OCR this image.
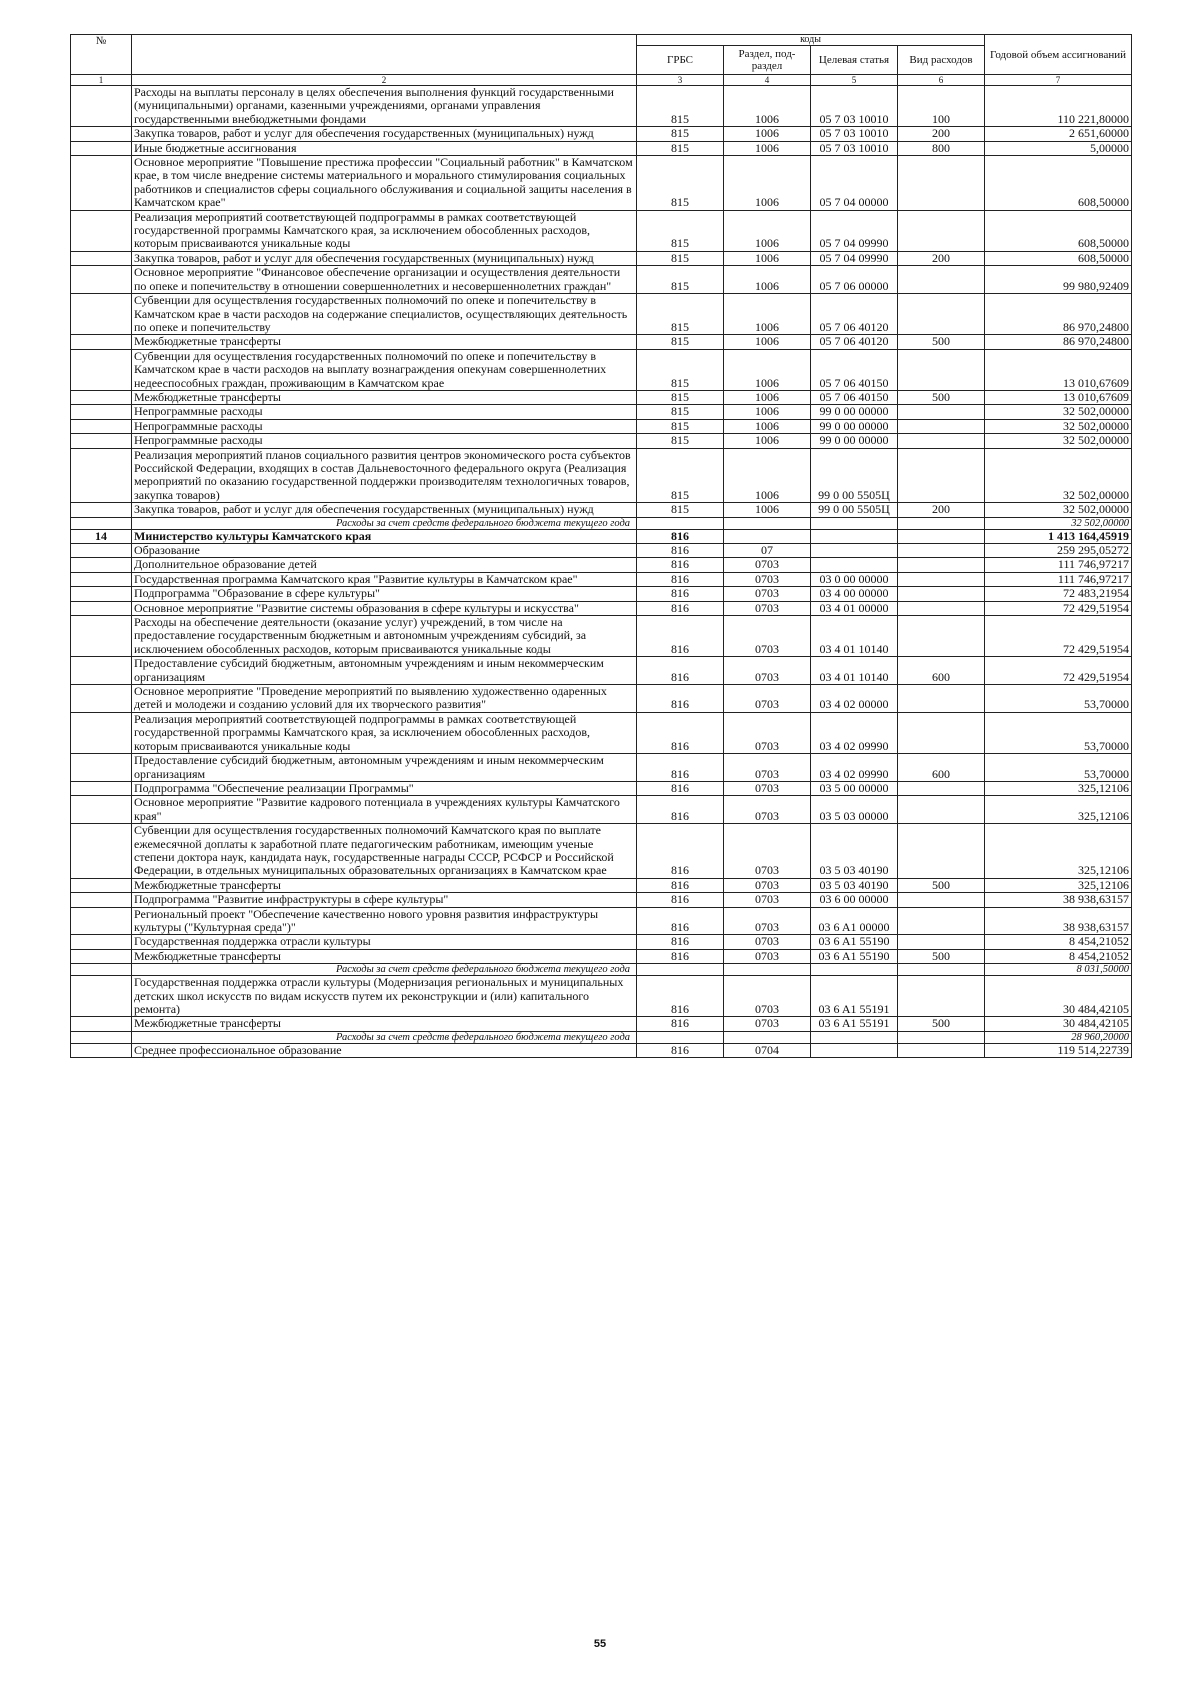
№		коды				Годовой объем ассигнований
		ГРБС	Раздел, под-раздел	Целевая статья	Вид расходов	
1	2	3	4	5	6	7
	Расходы на выплаты персоналу в целях обеспечения выполнения функций государственными (муниципальными) органами, казенными учреждениями, органами управления государственными внебюджетными фондами	815	1006	05 7 03 10010	100	110 221,80000
	Закупка товаров, работ и услуг для обеспечения государственных (муниципальных) нужд	815	1006	05 7 03 10010	200	2 651,60000
	Иные бюджетные ассигнования	815	1006	05 7 03 10010	800	5,00000
	Основное мероприятие "Повышение престижа профессии "Социальный работник" в Камчатском крае, в том числе внедрение системы материального и морального стимулирования социальных работников и специалистов сферы социального обслуживания и социальной защиты населения в Камчатском крае"	815	1006	05 7 04 00000		608,50000
	Реализация мероприятий соответствующей подпрограммы в рамках соответствующей государственной программы Камчатского края, за исключением обособленных расходов, которым присваиваются уникальные коды	815	1006	05 7 04 09990		608,50000
	Закупка товаров, работ и услуг для обеспечения государственных (муниципальных) нужд	815	1006	05 7 04 09990	200	608,50000
	Основное мероприятие "Финансовое обеспечение организации и осуществления деятельности по опеке и попечительству в отношении совершеннолетних и несовершеннолетних граждан"	815	1006	05 7 06 00000		99 980,92409
	Субвенции для осуществления государственных полномочий по опеке и попечительству в Камчатском крае в части расходов на содержание специалистов, осуществляющих деятельность по опеке и попечительству	815	1006	05 7 06 40120		86 970,24800
	Межбюджетные трансферты	815	1006	05 7 06 40120	500	86 970,24800
	Субвенции для осуществления государственных полномочий по опеке и попечительству в Камчатском крае в части расходов на выплату вознаграждения опекунам совершеннолетних недееспособных граждан, проживающим в Камчатском крае	815	1006	05 7 06 40150		13 010,67609
	Межбюджетные трансферты	815	1006	05 7 06 40150	500	13 010,67609
	Непрограммные расходы	815	1006	99 0 00 00000		32 502,00000
	Непрограммные расходы	815	1006	99 0 00 00000		32 502,00000
	Непрограммные расходы	815	1006	99 0 00 00000		32 502,00000
	Реализация мероприятий планов социального развития центров экономического роста субъектов Российской Федерации, входящих в состав Дальневосточного федерального округа (Реализация мероприятий по оказанию государственной поддержки производителям технологичных товаров, закупка товаров)	815	1006	99 0 00 5505Ц		32 502,00000
	Закупка товаров, работ и услуг для обеспечения государственных (муниципальных) нужд	815	1006	99 0 00 5505Ц	200	32 502,00000
	Расходы за счет средств федерального бюджета текущего года					32 502,00000
14	Министерство культуры Камчатского края	816				1 413 164,45919
	Образование	816	07			259 295,05272
	Дополнительное образование детей	816	0703			111 746,97217
	Государственная программа Камчатского края "Развитие культуры в Камчатском крае"	816	0703	03 0 00 00000		111 746,97217
	Подпрограмма "Образование в сфере культуры"	816	0703	03 4 00 00000		72 483,21954
	Основное мероприятие "Развитие системы образования в сфере культуры и искусства"	816	0703	03 4 01 00000		72 429,51954
	Расходы на обеспечение деятельности (оказание услуг) учреждений, в том числе на предоставление государственным бюджетным и автономным учреждениям субсидий, за исключением обособленных расходов, которым присваиваются уникальные коды	816	0703	03 4 01 10140		72 429,51954
	Предоставление субсидий бюджетным, автономным учреждениям и иным некоммерческим организациям	816	0703	03 4 01 10140	600	72 429,51954
	Основное мероприятие "Проведение мероприятий по выявлению художественно одаренных детей и молодежи и созданию условий для их творческого развития"	816	0703	03 4 02 00000		53,70000
	Реализация мероприятий соответствующей подпрограммы в рамках соответствующей государственной программы Камчатского края, за исключением обособленных расходов, которым присваиваются уникальные коды	816	0703	03 4 02 09990		53,70000
	Предоставление субсидий бюджетным, автономным учреждениям и иным некоммерческим организациям	816	0703	03 4 02 09990	600	53,70000
	Подпрограмма "Обеспечение реализации Программы"	816	0703	03 5 00 00000		325,12106
	Основное мероприятие "Развитие кадрового потенциала в учреждениях культуры Камчатского края"	816	0703	03 5 03 00000		325,12106
	Субвенции для осуществления государственных полномочий Камчатского края по выплате ежемесячной доплаты к заработной плате педагогическим работникам, имеющим ученые степени доктора наук, кандидата наук, государственные награды СССР, РСФСР и Российской Федерации, в отдельных муниципальных образовательных организациях в Камчатском крае	816	0703	03 5 03 40190		325,12106
	Межбюджетные трансферты	816	0703	03 5 03 40190	500	325,12106
	Подпрограмма "Развитие инфраструктуры в сфере культуры"	816	0703	03 6 00 00000		38 938,63157
	Региональный проект "Обеспечение качественно нового уровня развития инфраструктуры культуры ("Культурная среда")"	816	0703	03 6 A1 00000		38 938,63157
	Государственная поддержка отрасли культуры	816	0703	03 6 A1 55190		8 454,21052
	Межбюджетные трансферты	816	0703	03 6 A1 55190	500	8 454,21052
	Расходы за счет средств федерального бюджета текущего года					8 031,50000
	Государственная поддержка отрасли культуры (Модернизация региональных и муниципальных детских школ искусств по видам искусств путем их реконструкции и (или) капитального ремонта)	816	0703	03 6 A1 55191		30 484,42105
	Межбюджетные трансферты	816	0703	03 6 A1 55191	500	30 484,42105
	Расходы за счет средств федерального бюджета текущего года					28 960,20000
	Среднее профессиональное образование	816	0704			119 514,22739
55
